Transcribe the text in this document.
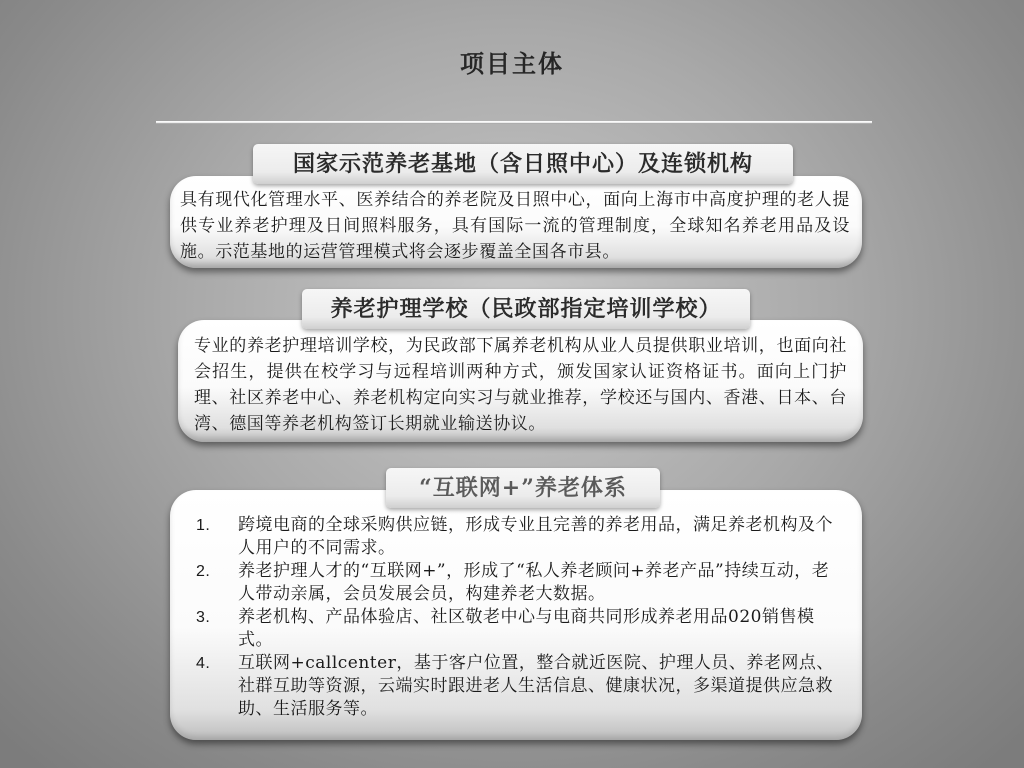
项目主体
具有现代化管理水平、医养结合的养老院及日照中心，面向上海市中高度护理的老人提供专业养老护理及日间照料服务，具有国际一流的管理制度，全球知名养老用品及设施。示范基地的运营管理模式将会逐步覆盖全国各市县。
国家示范养老基地（含日照中心）及连锁机构
专业的养老护理培训学校，为民政部下属养老机构从业人员提供职业培训，也面向社会招生，提供在校学习与远程培训两种方式，颁发国家认证资格证书。面向上门护理、社区养老中心、养老机构定向实习与就业推荐，学校还与国内、香港、日本、台湾、德国等养老机构签订长期就业输送协议。
养老护理学校（民政部指定培训学校）
1. 跨境电商的全球采购供应链，形成专业且完善的养老用品，满足养老机构及个人用户的不同需求。
2. 养老护理人才的“互联网+”，形成了“私人养老顾问+养老产品”持续互动，老人带动亲属，会员发展会员，构建养老大数据。
3. 养老机构、产品体验店、社区敬老中心与电商共同形成养老用品020销售模式。
4. 互联网+callcenter，基于客户位置，整合就近医院、护理人员、养老网点、社群互助等资源，云端实时跟进老人生活信息、健康状况，多渠道提供应急救助、生活服务等。
“互联网+”养老体系
